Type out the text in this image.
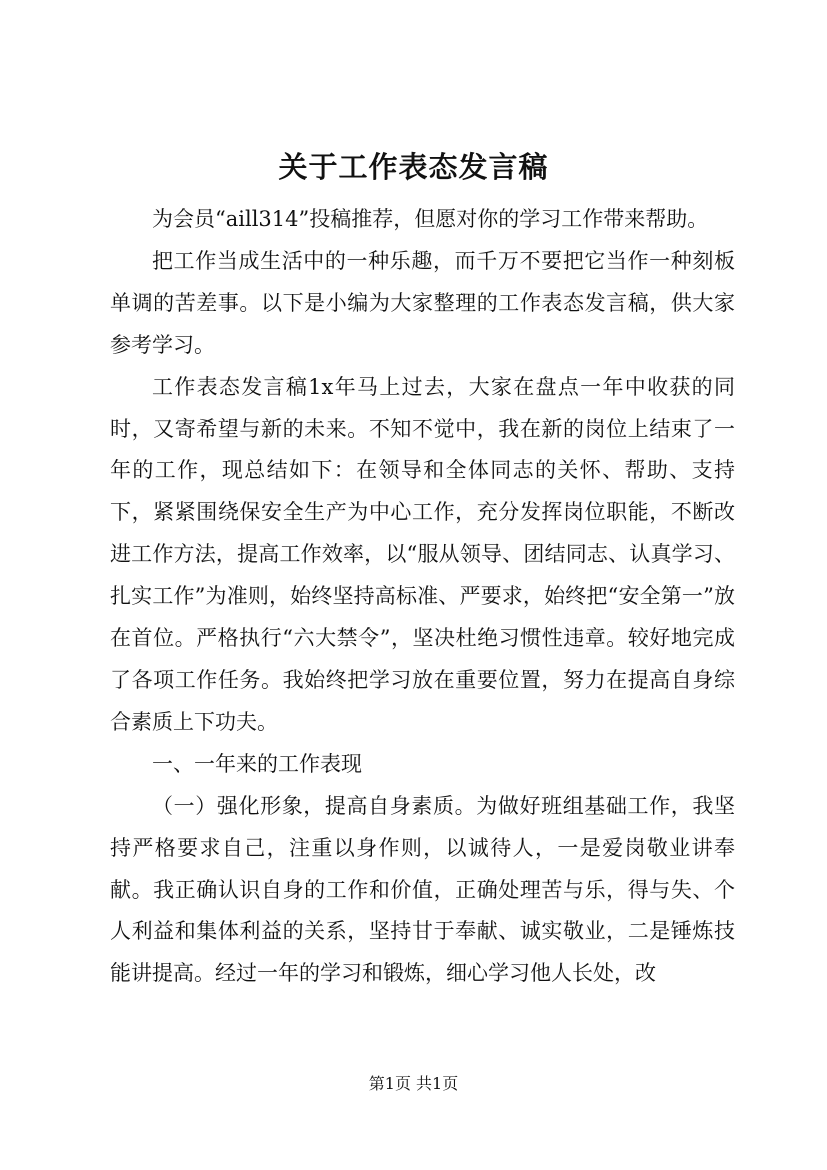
关于工作表态发言稿

为会员“aill314”投稿推荐，但愿对你的学习工作带来帮助。

把工作当成生活中的一种乐趣，而千万不要把它当作一种刻板单调的苦差事。以下是小编为大家整理的工作表态发言稿，供大家参考学习。

工作表态发言稿1x年马上过去，大家在盘点一年中收获的同时，又寄希望与新的未来。不知不觉中，我在新的岗位上结束了一年的工作，现总结如下：在领导和全体同志的关怀、帮助、支持下，紧紧围绕保安全生产为中心工作，充分发挥岗位职能，不断改进工作方法，提高工作效率，以“服从领导、团结同志、认真学习、扎实工作”为准则，始终坚持高标准、严要求，始终把“安全第一”放在首位。严格执行“六大禁令”，坚决杜绝习惯性违章。较好地完成了各项工作任务。我始终把学习放在重要位置，努力在提高自身综合素质上下功夫。

一、一年来的工作表现

（一）强化形象，提高自身素质。为做好班组基础工作，我坚持严格要求自己，注重以身作则，以诚待人，一是爱岗敬业讲奉献。我正确认识自身的工作和价值，正确处理苦与乐，得与失、个人利益和集体利益的关系，坚持甘于奉献、诚实敬业，二是锤炼技能讲提高。经过一年的学习和锻炼，细心学习他人长处，改

第1页 共1页
